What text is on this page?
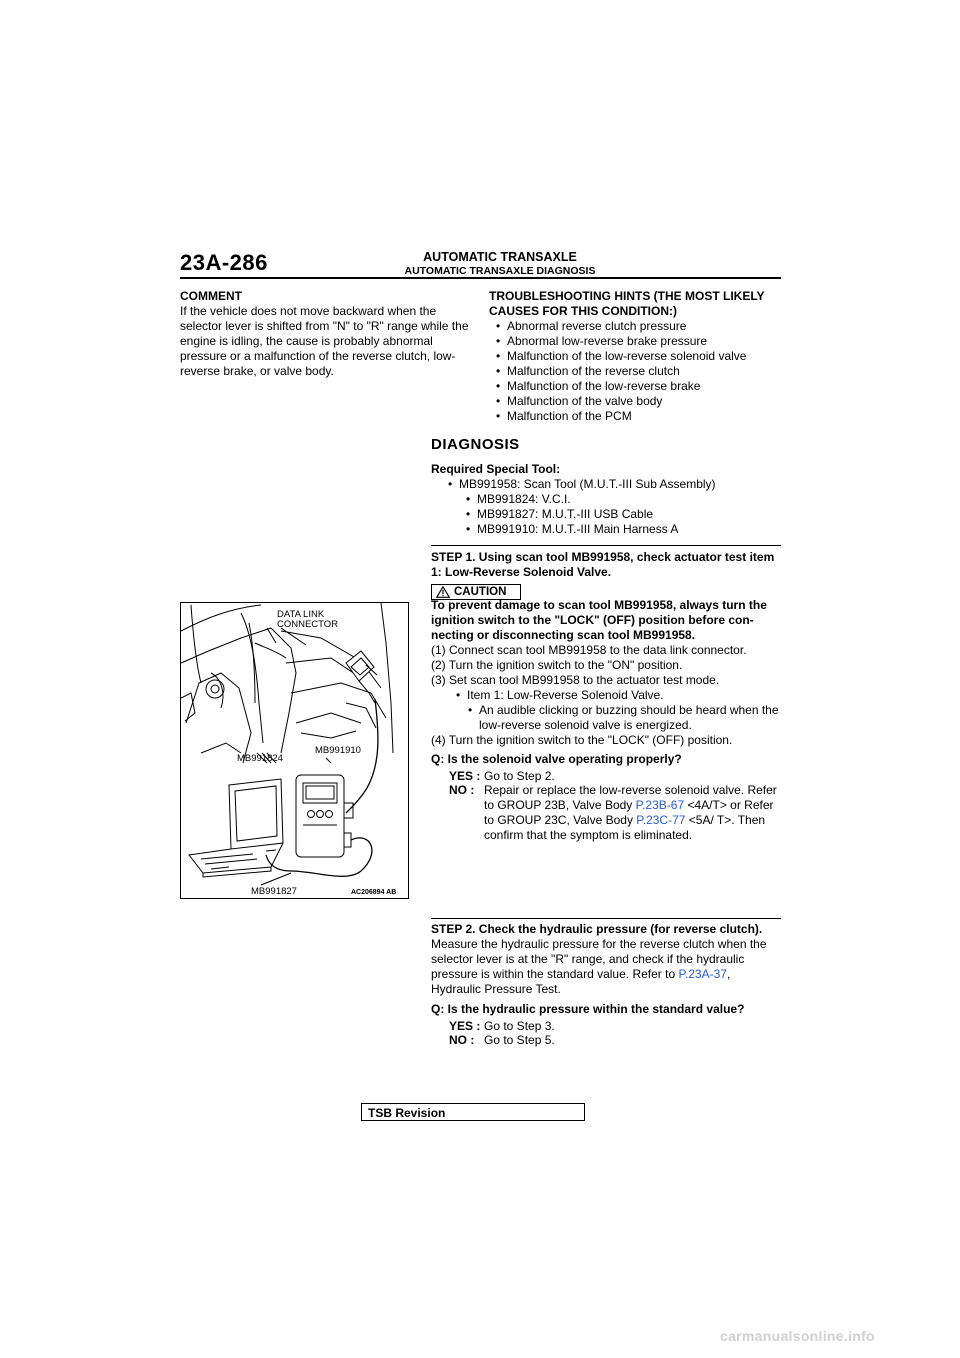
23A-286	AUTOMATIC TRANSAXLE
AUTOMATIC TRANSAXLE DIAGNOSIS
COMMENT
If the vehicle does not move backward when the selector lever is shifted from "N" to "R" range while the engine is idling, the cause is probably abnormal pressure or a malfunction of the reverse clutch, low-reverse brake, or valve body.
TROUBLESHOOTING HINTS (THE MOST LIKELY CAUSES FOR THIS CONDITION:)
• Abnormal reverse clutch pressure
• Abnormal low-reverse brake pressure
• Malfunction of the low-reverse solenoid valve
• Malfunction of the reverse clutch
• Malfunction of the low-reverse brake
• Malfunction of the valve body
• Malfunction of the PCM
DIAGNOSIS
Required Special Tool:
• MB991958: Scan Tool (M.U.T.-III Sub Assembly)
• MB991824: V.C.I.
• MB991827: M.U.T.-III USB Cable
• MB991910: M.U.T.-III Main Harness A
STEP 1. Using scan tool MB991958, check actuator test item 1: Low-Reverse Solenoid Valve.
CAUTION
To prevent damage to scan tool MB991958, always turn the ignition switch to the "LOCK" (OFF) position before con-necting or disconnecting scan tool MB991958.
(1) Connect scan tool MB991958 to the data link connector.
(2) Turn the ignition switch to the "ON" position.
(3) Set scan tool MB991958 to the actuator test mode.
• Item 1: Low-Reverse Solenoid Valve.
• An audible clicking or buzzing should be heard when the low-reverse solenoid valve is energized.
(4) Turn the ignition switch to the "LOCK" (OFF) position.
Q: Is the solenoid valve operating properly?
YES : Go to Step 2.
NO : Repair or replace the low-reverse solenoid valve. Refer to GROUP 23B, Valve Body P.23B-67 <4A/T> or Refer to GROUP 23C, Valve Body P.23C-77 <5A/ T>. Then confirm that the symptom is eliminated.
DATA LINK
CONNECTOR
MB991824
MB991910
MB991827	AC206894 AB
STEP 2. Check the hydraulic pressure (for reverse clutch).
Measure the hydraulic pressure for the reverse clutch when the selector lever is at the "R" range, and check if the hydraulic pressure is within the standard value. Refer to P.23A-37, Hydraulic Pressure Test.
Q: Is the hydraulic pressure within the standard value?
YES : Go to Step 3.
NO : Go to Step 5.
TSB Revision
carmanualsonline.info
